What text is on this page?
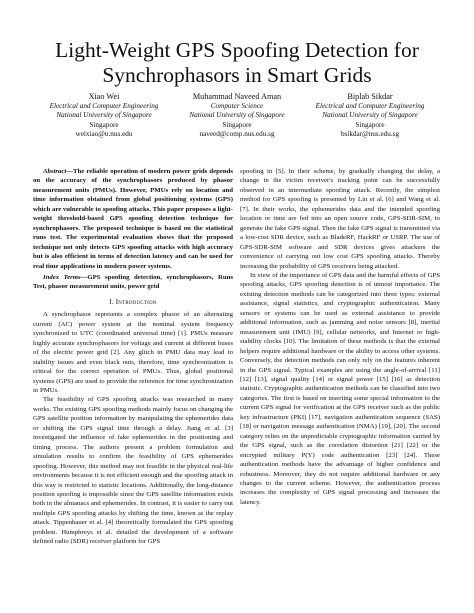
Light-Weight GPS Spoofing Detection for
Synchrophasors in Smart Grids
Xiao Wei
Electrical and Computer Engineering
National University of Singapore
Singapore
weixiao@u.nus.edu
Muhammad Naveed Aman
Computer Science
National University of Singapore
Singapore
naveed@comp.nus.edu.sg
Biplab Sikdar
Electrical and Computer Engineering
National University of Singapore
Singapore
bsikdar@nus.edu.sg

Abstract—The reliable operation of modern power grids depends on the accuracy of the synchrophasors produced by phasor measurement units (PMUs). However, PMUs rely on location and time information obtained from global positioning systems (GPS) which are vulnerable to spoofing attacks. This paper proposes a light-weight threshold-based GPS spoofing detection technique for synchrophasors. The proposed technique is based on the statistical runs test. The experimental evaluation shows that the proposed technique not only detects GPS spoofing attacks with high accuracy but is also efficient in terms of detection latency and can be used for real time applications in modern power systems.

Index Terms—GPS spoofing detection, synchrophasors, Runs Test, phasor measurement units, power grid

I. Introduction

A synchrophasor represents a complex phasor of an alternating current (AC) power system at the nominal system frequency synchronized to UTC (coordinated universal time) [1]. PMUs measure highly accurate synchrophasors for voltage and current at different buses of the electric power grid [2]. Any glitch in PMU data may lead to stability issues and even black outs, therefore, time synchronization is critical for the correct operation of PMUs. Thus, global positional systems (GPS) are used to provide the reference for time synchronization in PMUs.

The feasibility of GPS spoofing attacks was researched in many works. The existing GPS spoofing methods mainly focus on changing the GPS satellite position information by manipulating the ephemerides data or shifting the GPS signal time through a delay. Jiang et al. [3] investigated the influence of fake ephemerides in the positioning and timing process. The authors present a problem formulation and simulation results to confirm the feasibility of GPS ephemerides spoofing. However, this method may not feasible in the physical real-life environments because it is not efficient enough and the spoofing attack in this way is restricted to statistic locations. Additionally, the long-distance position spoofing is impossible since the GPS satellite information exists both in the almanacs and ephemerides. In contrast, it is easier to carry out multiple GPS spoofing attacks by shifting the time, known as the replay attack. Tippenhauer et al. [4] theoretically formulated the GPS spoofing problem. Humphreys et al. detailed the development of a software defined radio (SDR) receiver platform for GPS

spoofing in [5]. In their scheme, by gradually changing the delay, a change in the victim receiver's tracking point can be successfully observed in an intermediate spoofing attack. Recently, the simplest method for GPS spoofing is presented by Lin et al. [6] and Wang et al. [7]. In their works, the ephemerides data and the intended spoofing location or time are fed into an open source code, GPS-SDR-SIM, to generate the fake GPS signal. Then the fake GPS signal is transmitted via a low-cost SDR device, such as BladeRF, HackRF or USRP. The use of GPS-SDR-SIM software and SDR devices gives attackers the convenience of carrying out low cost GPS spoofing attacks. Thereby increasing the probability of GPS receivers being attacked.

In view of the importance of GPS data and the harmful effects of GPS spoofing attacks, GPS spoofing detection is of utmost importance. The existing detection methods can be categorized into three types: external assistance, signal statistics, and cryptographic authentication. Many sensors or systems can be used as external assistance to provide additional information, such as jamming and noise sensors [8], inertial measurement unit (IMU) [9], cellular networks, and Internet or high-stability clocks [10]. The limitation of these methods is that the external helpers require additional hardware or the ability to access other systems. Conversely, the detection methods can only rely on the features inherent in the GPS signal. Typical examples are using the angle-of-arrival [11] [12] [13], signal quality [14] or signal power [15] [16] as detection statistic. Cryptographic authentication methods can be classified into two categories. The first is based on inserting some special information to the current GPS signal for verification at the GPS receiver such as the public key infrastructure (PKI) [17], navigation authentication sequence (SAS) [18] or navigation message authentication (NMA) [19], [20]. The second category relies on the unpredictable cryptographic information carried by the GPS signal, such as the correlation distortion [21] [22] or the encrypted military P(Y) code authentication [23] [24]. These authentication methods have the advantage of higher confidence and robustness. Moreover, they do not require additional hardware or any changes to the current scheme. However, the authentication process increases the complexity of GPS signal processing and increases the latency.
